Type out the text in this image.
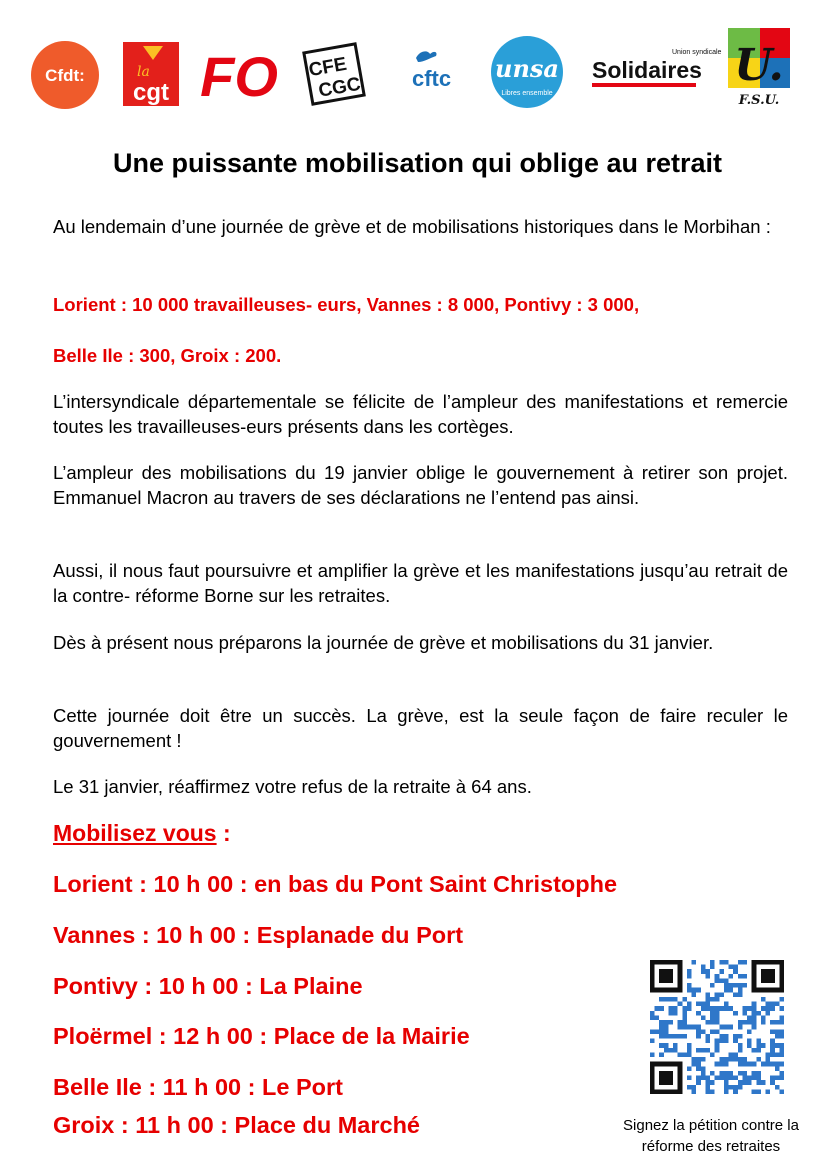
Cfdt:	la
cgt FO CFE
CGC cftc unsa
Libres ensemble
Union syndicale
Solidaires U.
F.S.U.
Une puissante mobilisation qui oblige au retrait

Au lendemain d’une journée de grève et de mobilisations historiques dans le Morbihan :

Lorient : 10 000 travailleuses- eurs, Vannes : 8 000, Pontivy : 3 000,

Belle Ile : 300, Groix : 200.

L’intersyndicale départementale se félicite de l’ampleur des manifestations et remercie toutes les travailleuses-eurs présents dans les cortèges.

L’ampleur des mobilisations du 19 janvier oblige le gouvernement à retirer son projet. Emmanuel Macron au travers de ses déclarations ne l’entend pas ainsi.

Aussi, il nous faut poursuivre et amplifier la grève et les manifestations jusqu’au retrait de la contre- réforme Borne sur les retraites.

Dès à présent nous préparons la journée de grève et mobilisations du 31 janvier.

Cette journée doit être un succès. La grève, est la seule façon de faire reculer le gouvernement !

Le 31 janvier, réaffirmez votre refus de la retraite à 64 ans.

Mobilisez vous :

Lorient : 10 h 00 : en bas du Pont Saint Christophe

Vannes : 10 h 00 : Esplanade du Port

Pontivy : 10 h 00 : La Plaine

Ploërmel : 12 h 00 : Place de la Mairie

Belle Ile : 11 h 00 : Le Port

Groix : 11 h 00 : Place du Marché	Signez la pétition contre la
réforme des retraites
